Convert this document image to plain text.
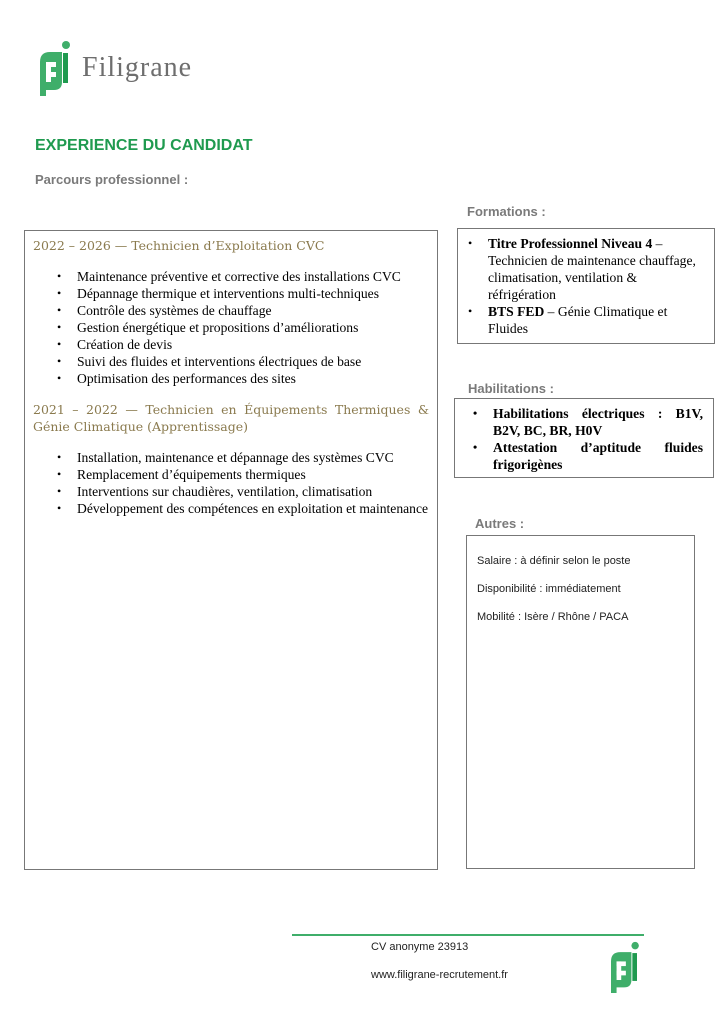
Filigrane
EXPERIENCE DU CANDIDAT
Parcours professionnel :
2022 – 2026 — Technicien d’Exploitation CVC
• Maintenance préventive et corrective des installations CVC
• Dépannage thermique et interventions multi-techniques
• Contrôle des systèmes de chauffage
• Gestion énergétique et propositions d’améliorations
• Création de devis
• Suivi des fluides et interventions électriques de base
• Optimisation des performances des sites
2021 – 2022 — Technicien en Équipements Thermiques & Génie Climatique (Apprentissage)
• Installation, maintenance et dépannage des systèmes CVC
• Remplacement d’équipements thermiques
• Interventions sur chaudières, ventilation, climatisation
• Développement des compétences en exploitation et maintenance
Formations :
• Titre Professionnel Niveau 4 – Technicien de maintenance chauffage, climatisation, ventilation & réfrigération
• BTS FED – Génie Climatique et Fluides
Habilitations :
• Habilitations électriques : B1V, B2V, BC, BR, H0V
• Attestation d’aptitude fluides frigorigènes
Autres :

Salaire : à définir selon le poste

Disponibilité : immédiatement

Mobilité : Isère / Rhône / PACA

CV anonyme 23913
www.filigrane-recrutement.fr
